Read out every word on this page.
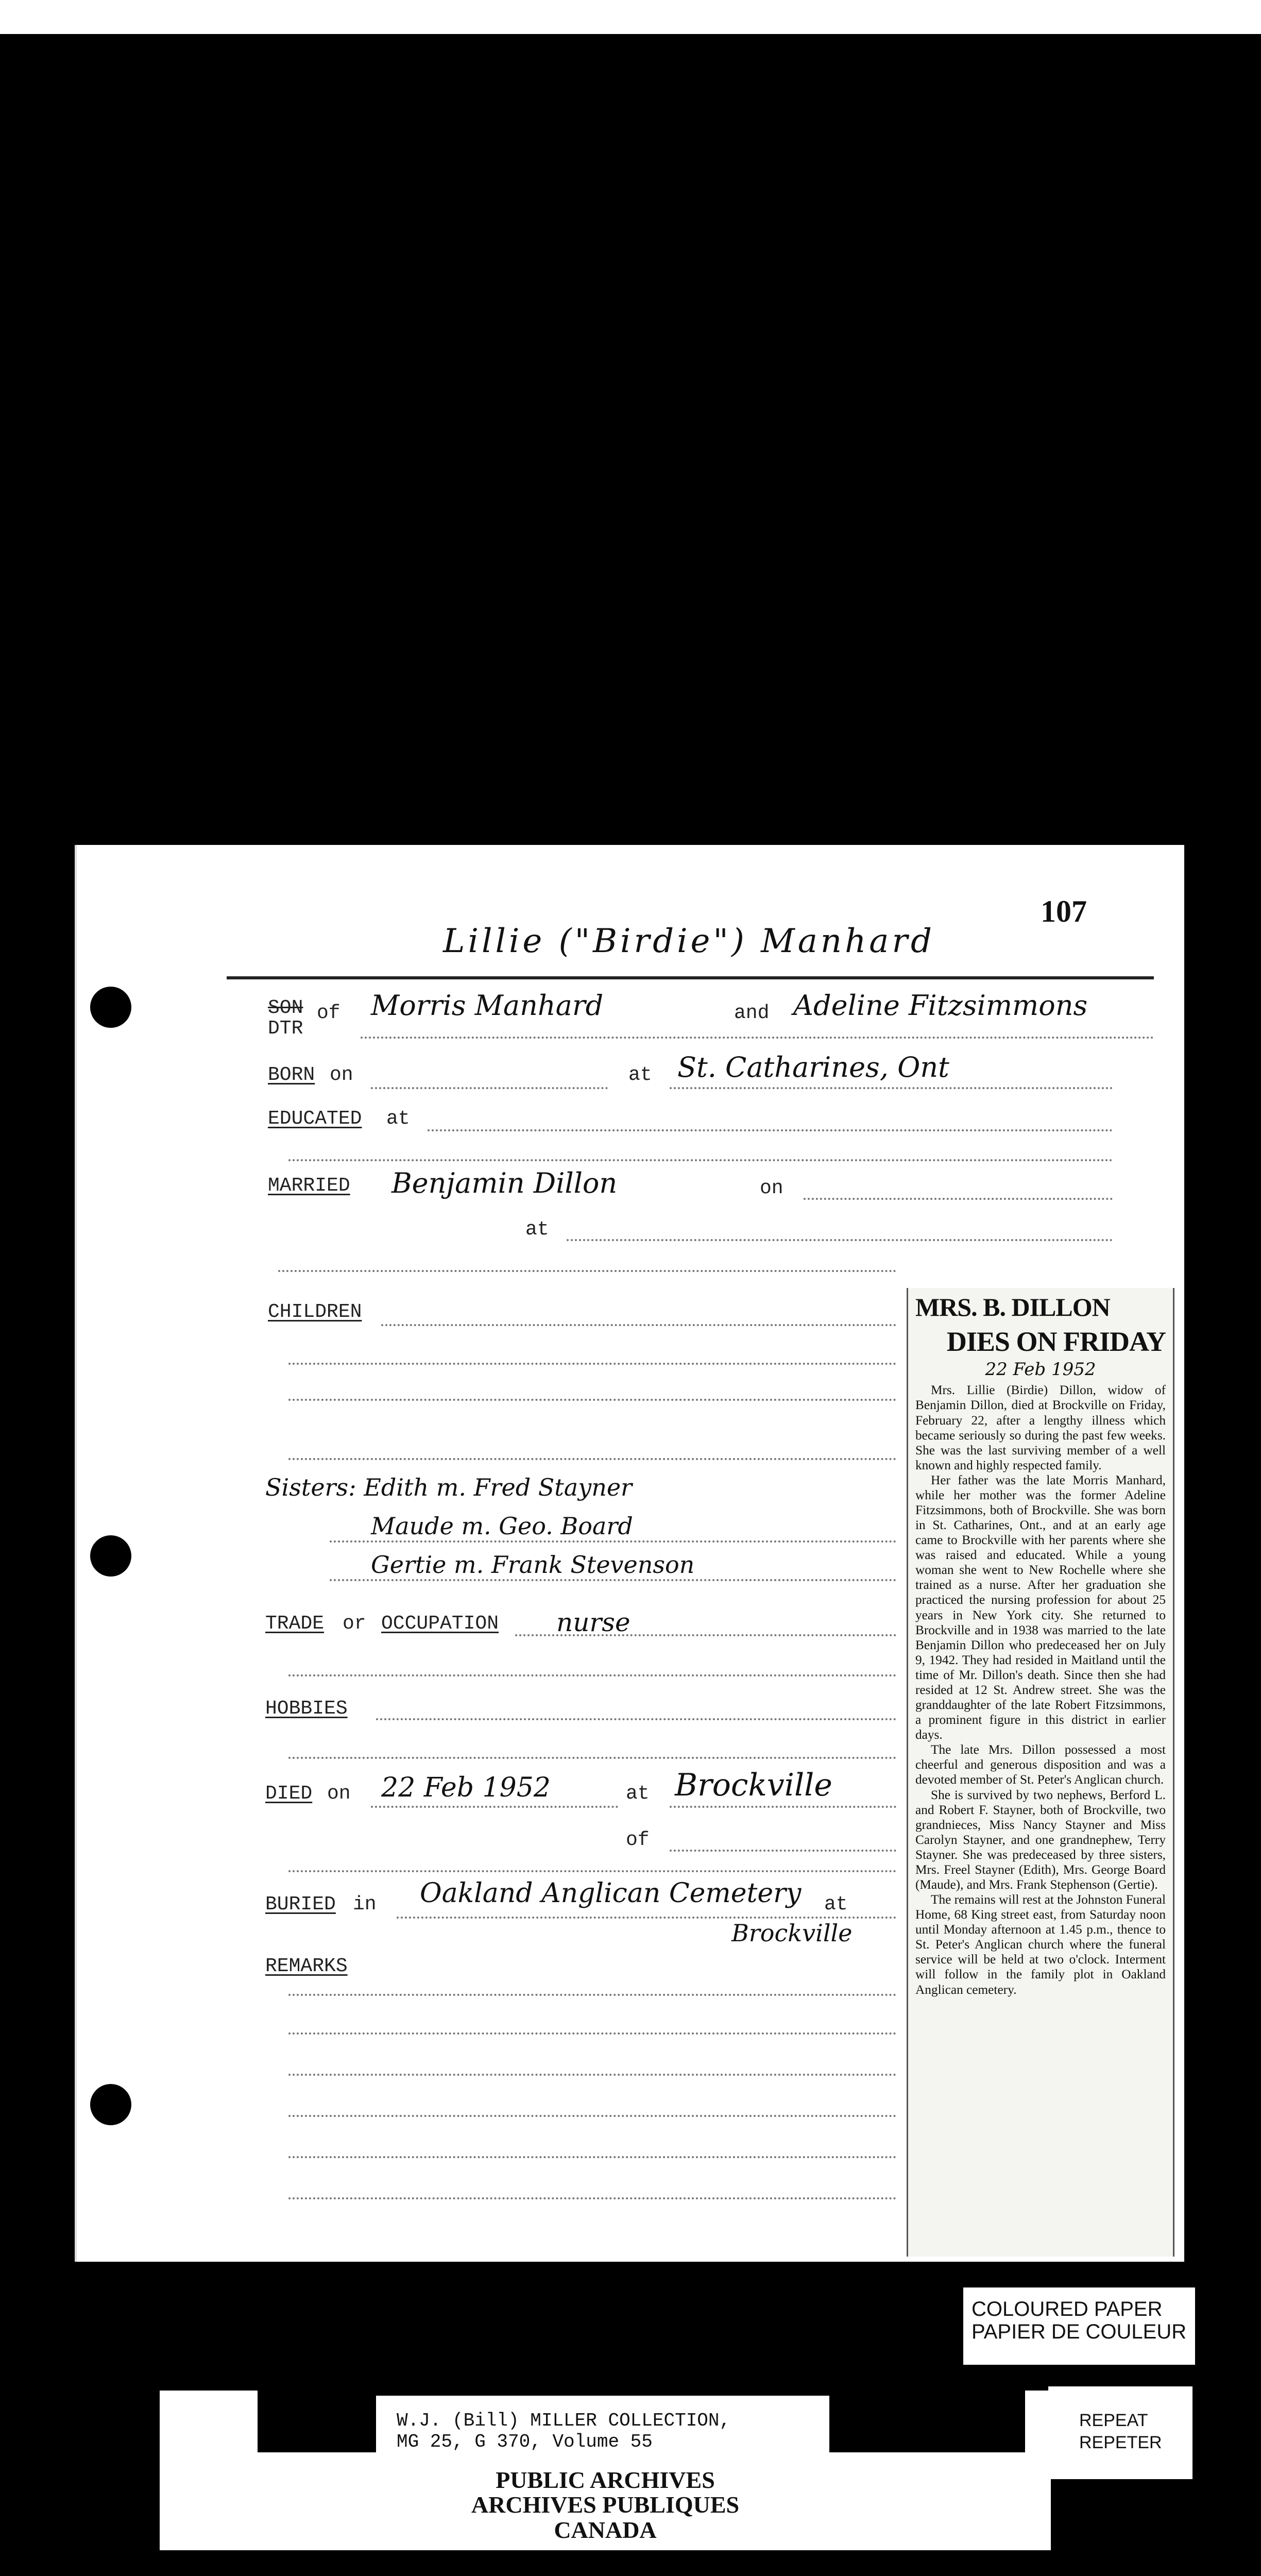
107
Lillie ("Birdie") Manhard
SON
DTR
of Morris Manhard	and Adeline Fitzsimmons
BORN on	at St. Catharines, Ont
EDUCATED at
MARRIED Benjamin Dillon	on
at
CHILDREN
Sisters: Edith m. Fred Stayner
Maude m. Geo. Board
Gertie m. Frank Stevenson
TRADE or OCCUPATION nurse
HOBBIES
DIED on 22 Feb 1952	at Brockville
of
BURIED in Oakland Anglican Cemetery at
Brockville
REMARKS
MRS. B. DILLON
DIES ON FRIDAY
22 Feb 1952

Mrs. Lillie (Birdie) Dillon, widow of Benjamin Dillon, died at Brockville on Friday, February 22, after a lengthy illness which became seriously so during the past few weeks. She was the last surviving member of a well known and highly respected family.

Her father was the late Morris Manhard, while her mother was the former Adeline Fitzsimmons, both of Brockville. She was born in St. Catharines, Ont., and at an early age came to Brockville with her parents where she was raised and educated. While a young woman she went to New Rochelle where she trained as a nurse. After her graduation she practiced the nursing profession for about 25 years in New York city. She returned to Brockville and in 1938 was married to the late Benjamin Dillon who predeceased her on July 9, 1942. They had resided in Maitland until the time of Mr. Dillon's death. Since then she had resided at 12 St. Andrew street. She was the granddaughter of the late Robert Fitzsimmons, a prominent figure in this district in earlier days.

The late Mrs. Dillon possessed a most cheerful and generous disposition and was a devoted member of St. Peter's Anglican church.

She is survived by two nephews, Berford L. and Robert F. Stayner, both of Brockville, two grandnieces, Miss Nancy Stayner and Miss Carolyn Stayner, and one grandnephew, Terry Stayner. She was predeceased by three sisters, Mrs. Freel Stayner (Edith), Mrs. George Board (Maude), and Mrs. Frank Stephenson (Gertie).

The remains will rest at the Johnston Funeral Home, 68 King street east, from Saturday noon until Monday afternoon at 1.45 p.m., thence to St. Peter's Anglican church where the funeral service will be held at two o'clock. Interment will follow in the family plot in Oakland Anglican cemetery.

COLOURED PAPER
PAPIER DE COULEUR
W.J. (Bill) MILLER COLLECTION,
MG 25, G 370, Volume 55
PUBLIC ARCHIVES
ARCHIVES PUBLIQUES
CANADA
REPEAT
REPETER
